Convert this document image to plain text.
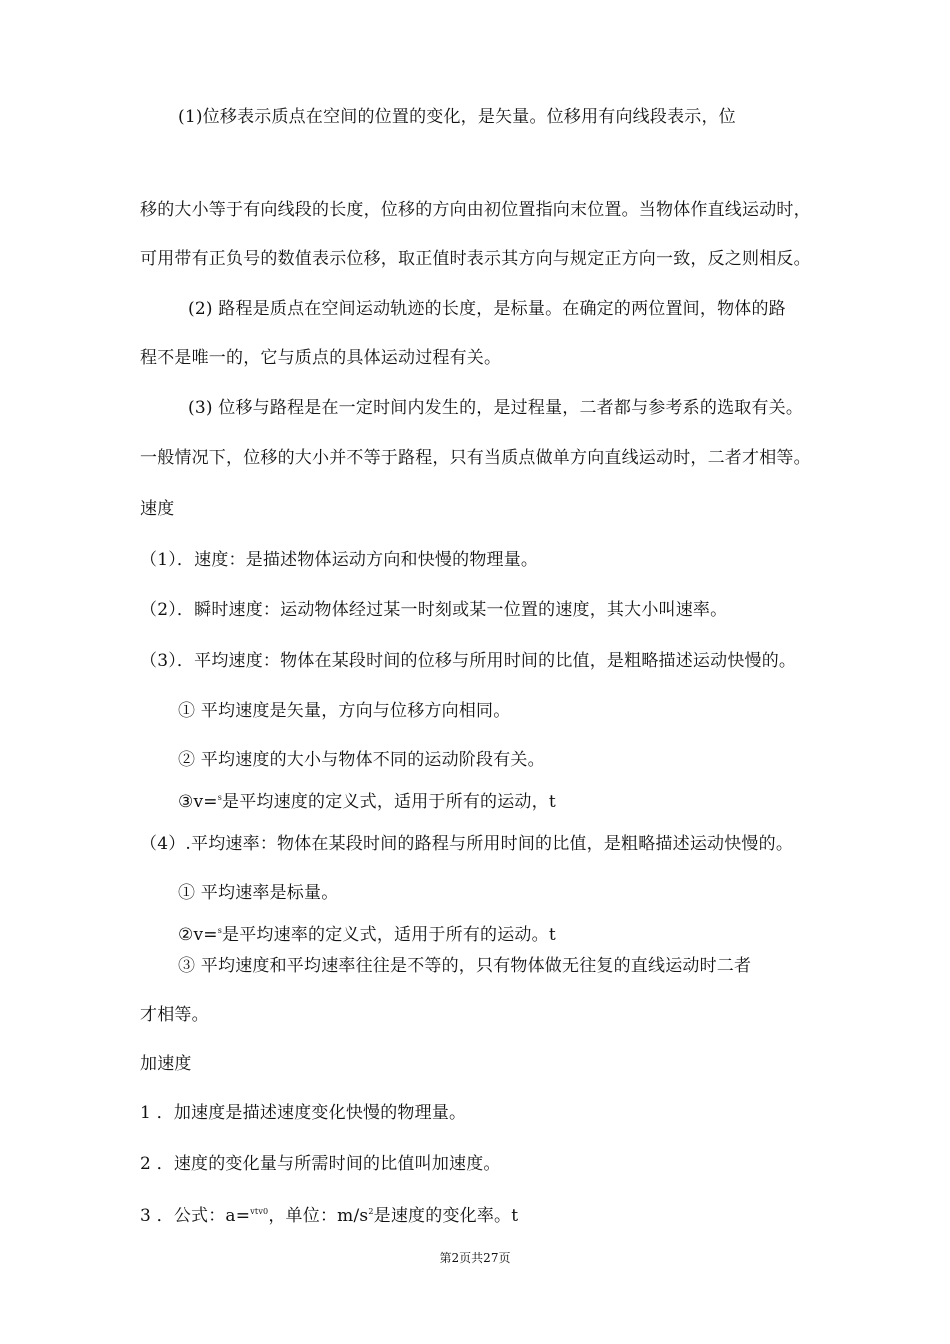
(1)位移表示质点在空间的位置的变化，是矢量。位移用有向线段表示，位
移的大小等于有向线段的长度，位移的方向由初位置指向末位置。当物体作直线运动时，
可用带有正负号的数值表示位移，取正值时表示其方向与规定正方向一致，反之则相反。
(2) 路程是质点在空间运动轨迹的长度，是标量。在确定的两位置间，物体的路
程不是唯一的，它与质点的具体运动过程有关。
(3) 位移与路程是在一定时间内发生的，是过程量，二者都与参考系的选取有关。
一般情况下，位移的大小并不等于路程，只有当质点做单方向直线运动时，二者才相等。
速度
（1）．速度：是描述物体运动方向和快慢的物理量。
（2）．瞬时速度：运动物体经过某一时刻或某一位置的速度，其大小叫速率。
（3）．平均速度：物体在某段时间的位移与所用时间的比值，是粗略描述运动快慢的。
① 平均速度是矢量，方向与位移方向相同。
② 平均速度的大小与物体不同的运动阶段有关。
③v=$^s$是平均速度的定义式，适用于所有的运动，t
（4）.平均速率：物体在某段时间的路程与所用时间的比值，是粗略描述运动快慢的。
① 平均速率是标量。
②v=$^s$是平均速率的定义式，适用于所有的运动。t
③ 平均速度和平均速率往往是不等的，只有物体做无往复的直线运动时二者
才相等。
加速度
1 ．加速度是描述速度变化快慢的物理量。
2 ．速度的变化量与所需时间的比值叫加速度。
3 ．公式：a=$^{vtv0}$，单位：$m/s^2$是速度的变化率。t
第2页共27页
